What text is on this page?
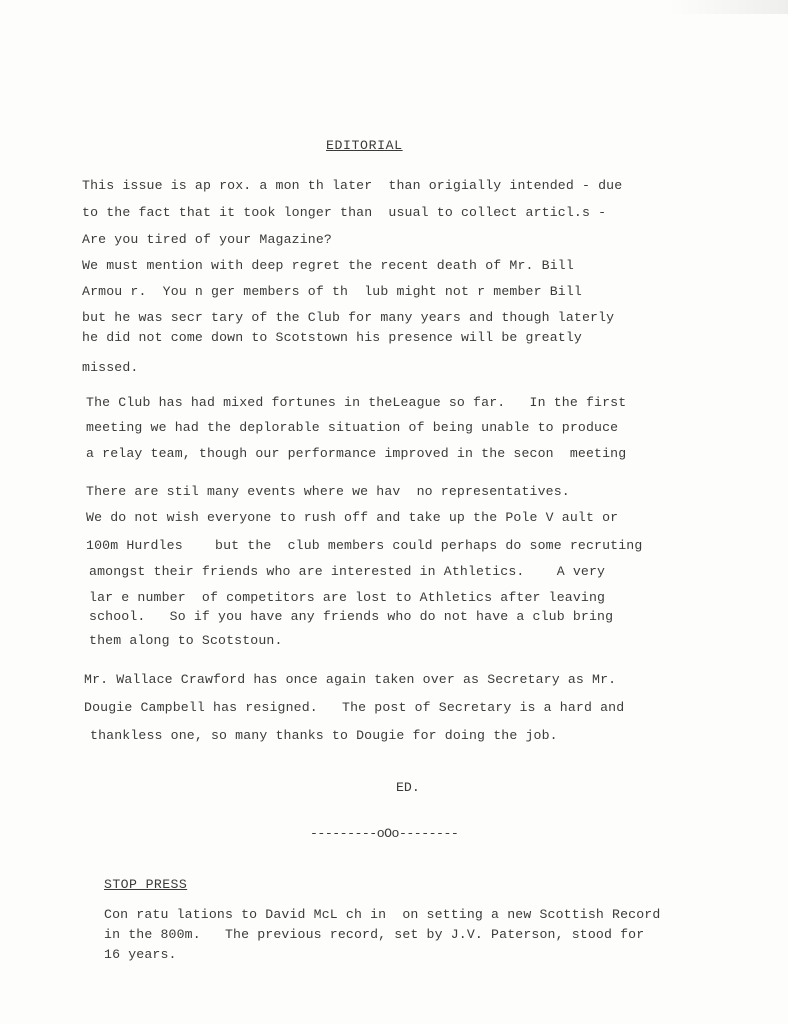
EDITORIAL
This issue is ap rox. a mon th later  than origially intended - due
to the fact that it took longer than  usual to collect articl.s -
Are you tired of your Magazine?
We must mention with deep regret the recent death of Mr. Bill
Armou r.  You n ger members of th  lub might not r member Bill
but he was secr tary of the Club for many years and though laterly
he did not come down to Scotstown his presence will be greatly
missed.
The Club has had mixed fortunes in theLeague so far.   In the first
meeting we had the deplorable situation of being unable to produce
a relay team, though our performance improved in the secon  meeting
There are stil many events where we hav  no representatives.
We do not wish everyone to rush off and take up the Pole V ault or
100m Hurdles    but the  club members could perhaps do some recruting
amongst their friends who are interested in Athletics.    A very
lar e number  of competitors are lost to Athletics after leaving
school.   So if you have any friends who do not have a club bring
them along to Scotstoun.
Mr. Wallace Crawford has once again taken over as Secretary as Mr.
Dougie Campbell has resigned.   The post of Secretary is a hard and
thankless one, so many thanks to Dougie for doing the job.
ED.
---------oOo--------
STOP PRESS
Con ratu lations to David McL ch in  on setting a new Scottish Record
in the 800m.   The previous record, set by J.V. Paterson, stood for
16 years.
